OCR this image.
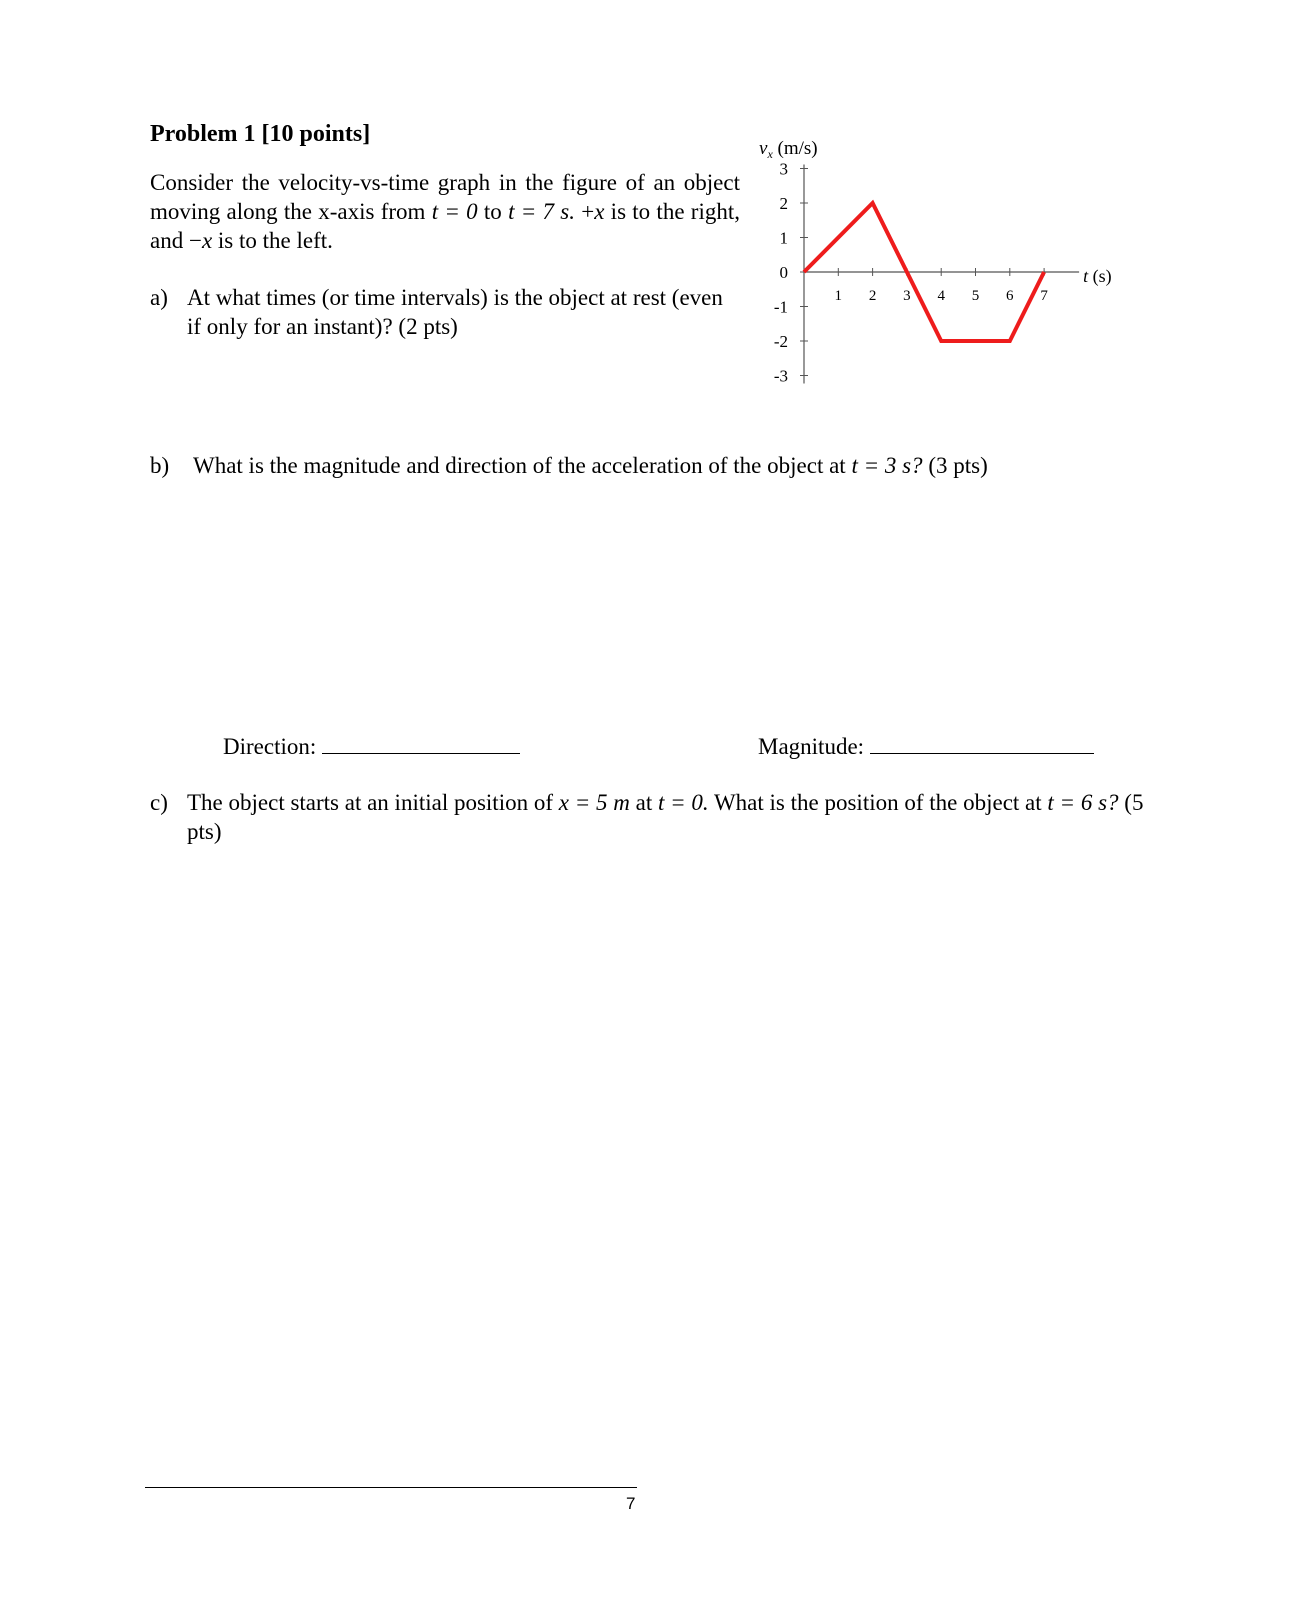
Problem 1 [10 points]
Consider the velocity-vs-time graph in the figure of an object moving along the x-axis from t = 0 to t = 7 s. +x is to the right, and −x is to the left.
a) At what times (or time intervals) is the object at rest (even if only for an instant)? (2 pts)
3
2
1
0
-1
-2
-3
1 2 3 4 5 6 7
$v_x$ (m/s)
t (s)
b) What is the magnitude and direction of the acceleration of the object at t = 3 s? (3 pts)
Direction:	Magnitude:
c) The object starts at an initial position of x = 5 m at t = 0. What is the position of the object at t = 6 s? (5 pts)
7
